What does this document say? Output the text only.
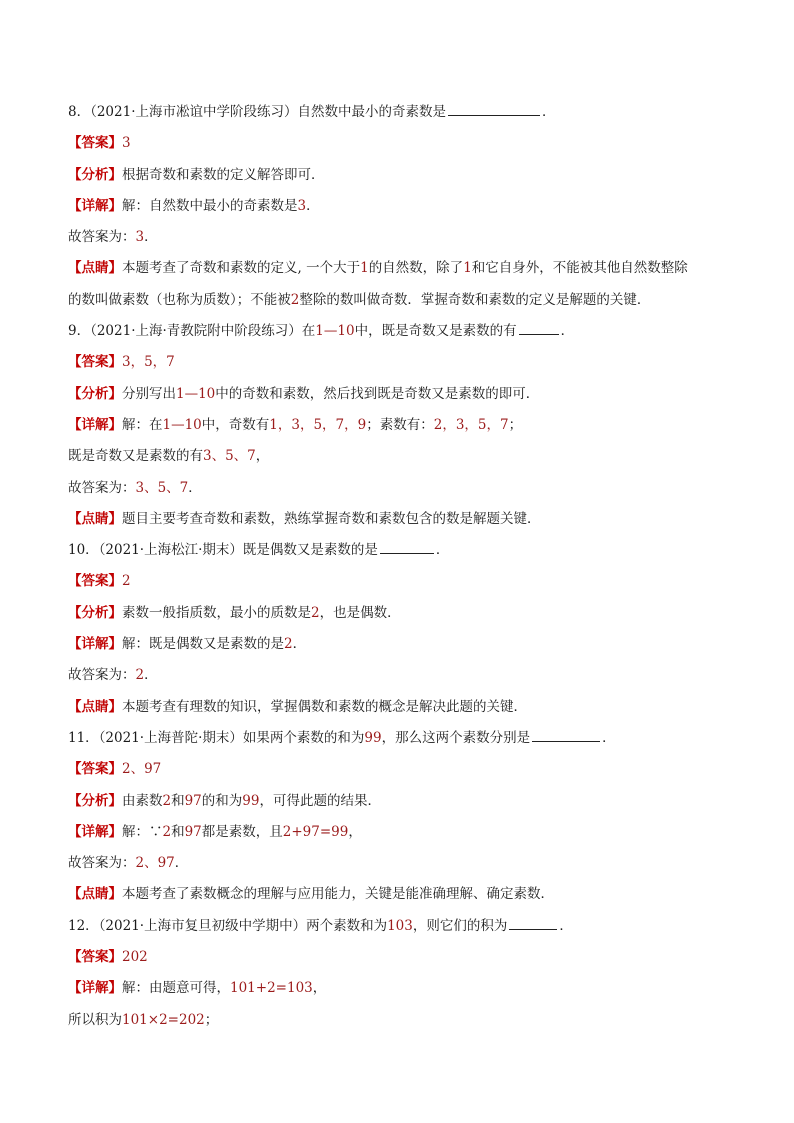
8．（2021·上海市凇谊中学阶段练习）自然数中最小的奇素数是	．
【答案】3
【分析】根据奇数和素数的定义解答即可．
【详解】解：自然数中最小的奇素数是3．
故答案为：3．
【点睛】本题考查了奇数和素数的定义, 一个大于1的自然数，除了1和它自身外，不能被其他自然数整除
的数叫做素数（也称为质数）；不能被2整除的数叫做奇数．掌握奇数和素数的定义是解题的关键．
9．（2021·上海·青教院附中阶段练习）在1—10中，既是奇数又是素数的有	．
【答案】3，5，7
【分析】分别写出1—10中的奇数和素数，然后找到既是奇数又是素数的即可．
【详解】解：在1—10中，奇数有1，3，5，7，9；素数有：2，3，5，7；
既是奇数又是素数的有3、5、7，
故答案为：3、5、7．
【点睛】题目主要考查奇数和素数，熟练掌握奇数和素数包含的数是解题关键．
10．（2021·上海松江·期末）既是偶数又是素数的是	．
【答案】2
【分析】素数一般指质数，最小的质数是2，也是偶数．
【详解】解：既是偶数又是素数的是2．
故答案为：2．
【点睛】本题考查有理数的知识，掌握偶数和素数的概念是解决此题的关键．
11．（2021·上海普陀·期末）如果两个素数的和为99，那么这两个素数分别是	．
【答案】2、97
【分析】由素数2和97的和为99，可得此题的结果．
【详解】解：∵2和97都是素数，且2+97=99，
故答案为：2、97．
【点睛】本题考查了素数概念的理解与应用能力，关键是能准确理解、确定素数．
12．（2021·上海市复旦初级中学期中）两个素数和为103，则它们的积为	．
【答案】202
【详解】解：由题意可得，101+2=103，
所以积为101×2=202；
